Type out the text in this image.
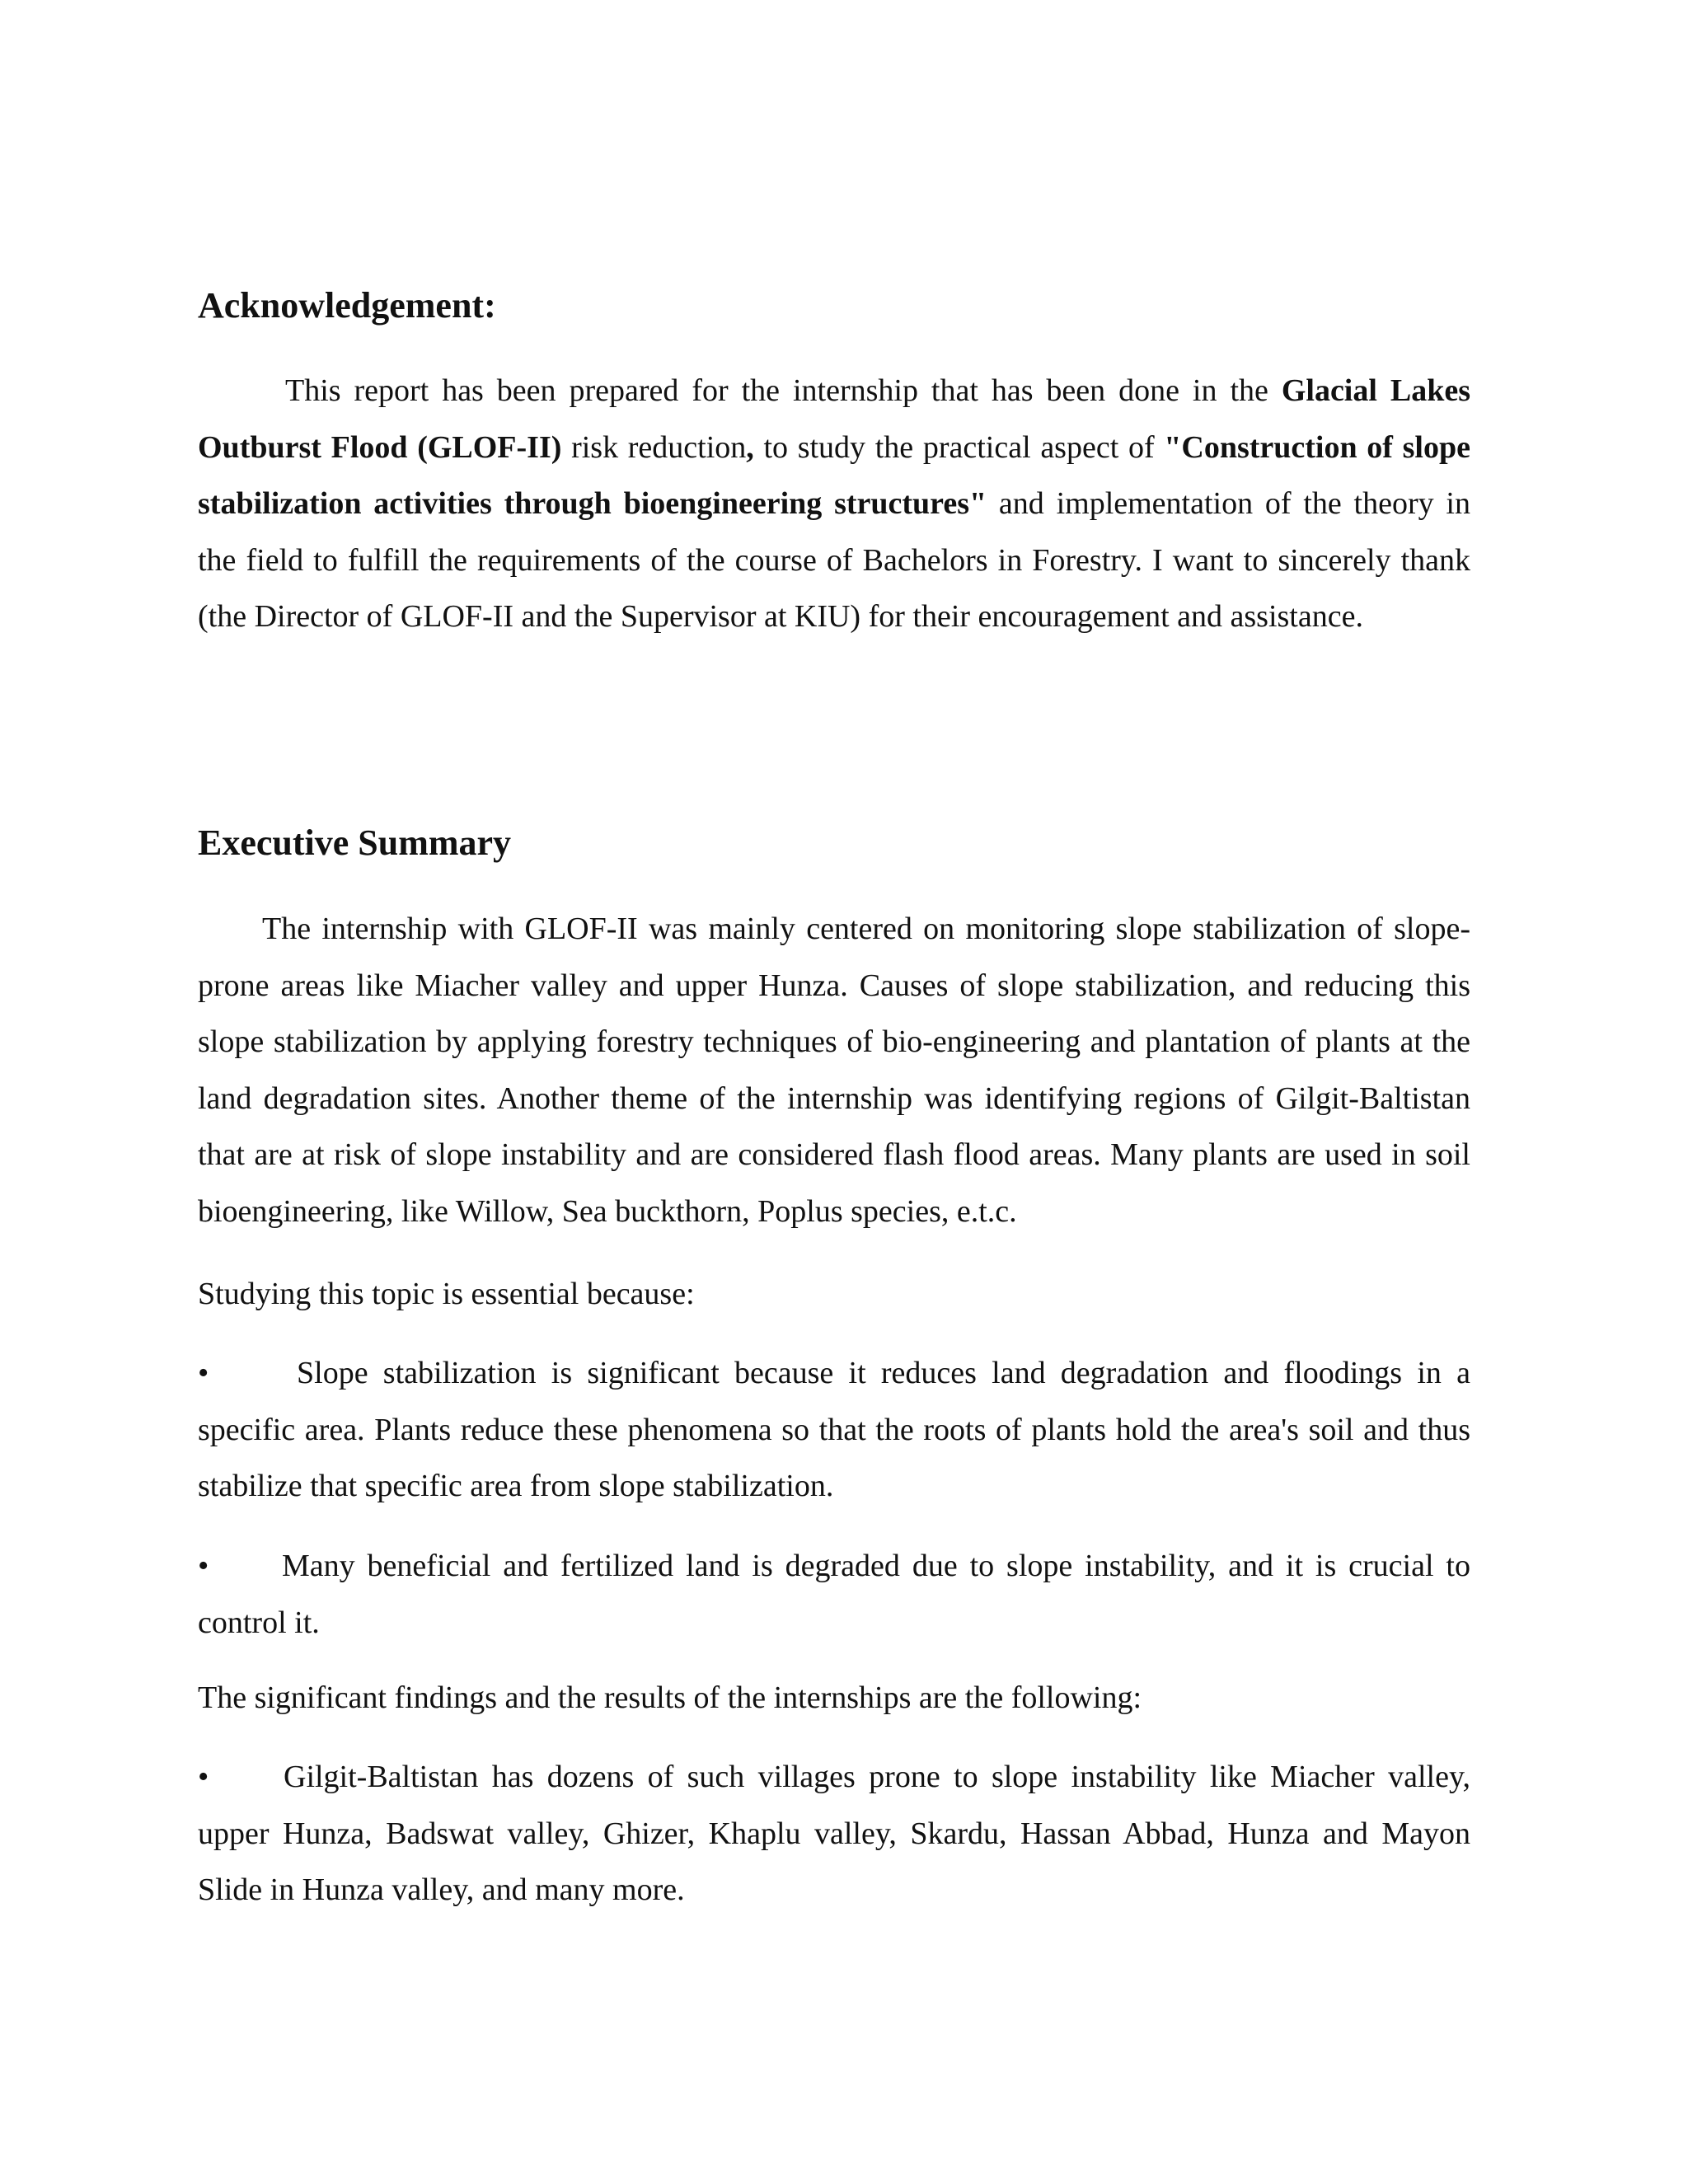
Acknowledgement:

This report has been prepared for the internship that has been done in the Glacial Lakes Outburst Flood (GLOF-II) risk reduction, to study the practical aspect of "Construction of slope stabilization activities through bioengineering structures" and implementation of the theory in the field to fulfill the requirements of the course of Bachelors in Forestry. I want to sincerely thank (the Director of GLOF-II and the Supervisor at KIU) for their encouragement and assistance.

Executive Summary

The internship with GLOF-II was mainly centered on monitoring slope stabilization of slope-prone areas like Miacher valley and upper Hunza. Causes of slope stabilization, and reducing this slope stabilization by applying forestry techniques of bio-engineering and plantation of plants at the land degradation sites. Another theme of the internship was identifying regions of Gilgit-Baltistan that are at risk of slope instability and are considered flash flood areas. Many plants are used in soil bioengineering, like Willow, Sea buckthorn, Poplus species, e.t.c.

Studying this topic is essential because:

•	Slope stabilization is significant because it reduces land degradation and floodings in a specific area. Plants reduce these phenomena so that the roots of plants hold the area's soil and thus stabilize that specific area from slope stabilization.

• Many beneficial and fertilized land is degraded due to slope instability, and it is crucial to control it.

The significant findings and the results of the internships are the following:

• Gilgit-Baltistan has dozens of such villages prone to slope instability like Miacher valley, upper Hunza, Badswat valley, Ghizer, Khaplu valley, Skardu, Hassan Abbad, Hunza and Mayon Slide in Hunza valley, and many more.
